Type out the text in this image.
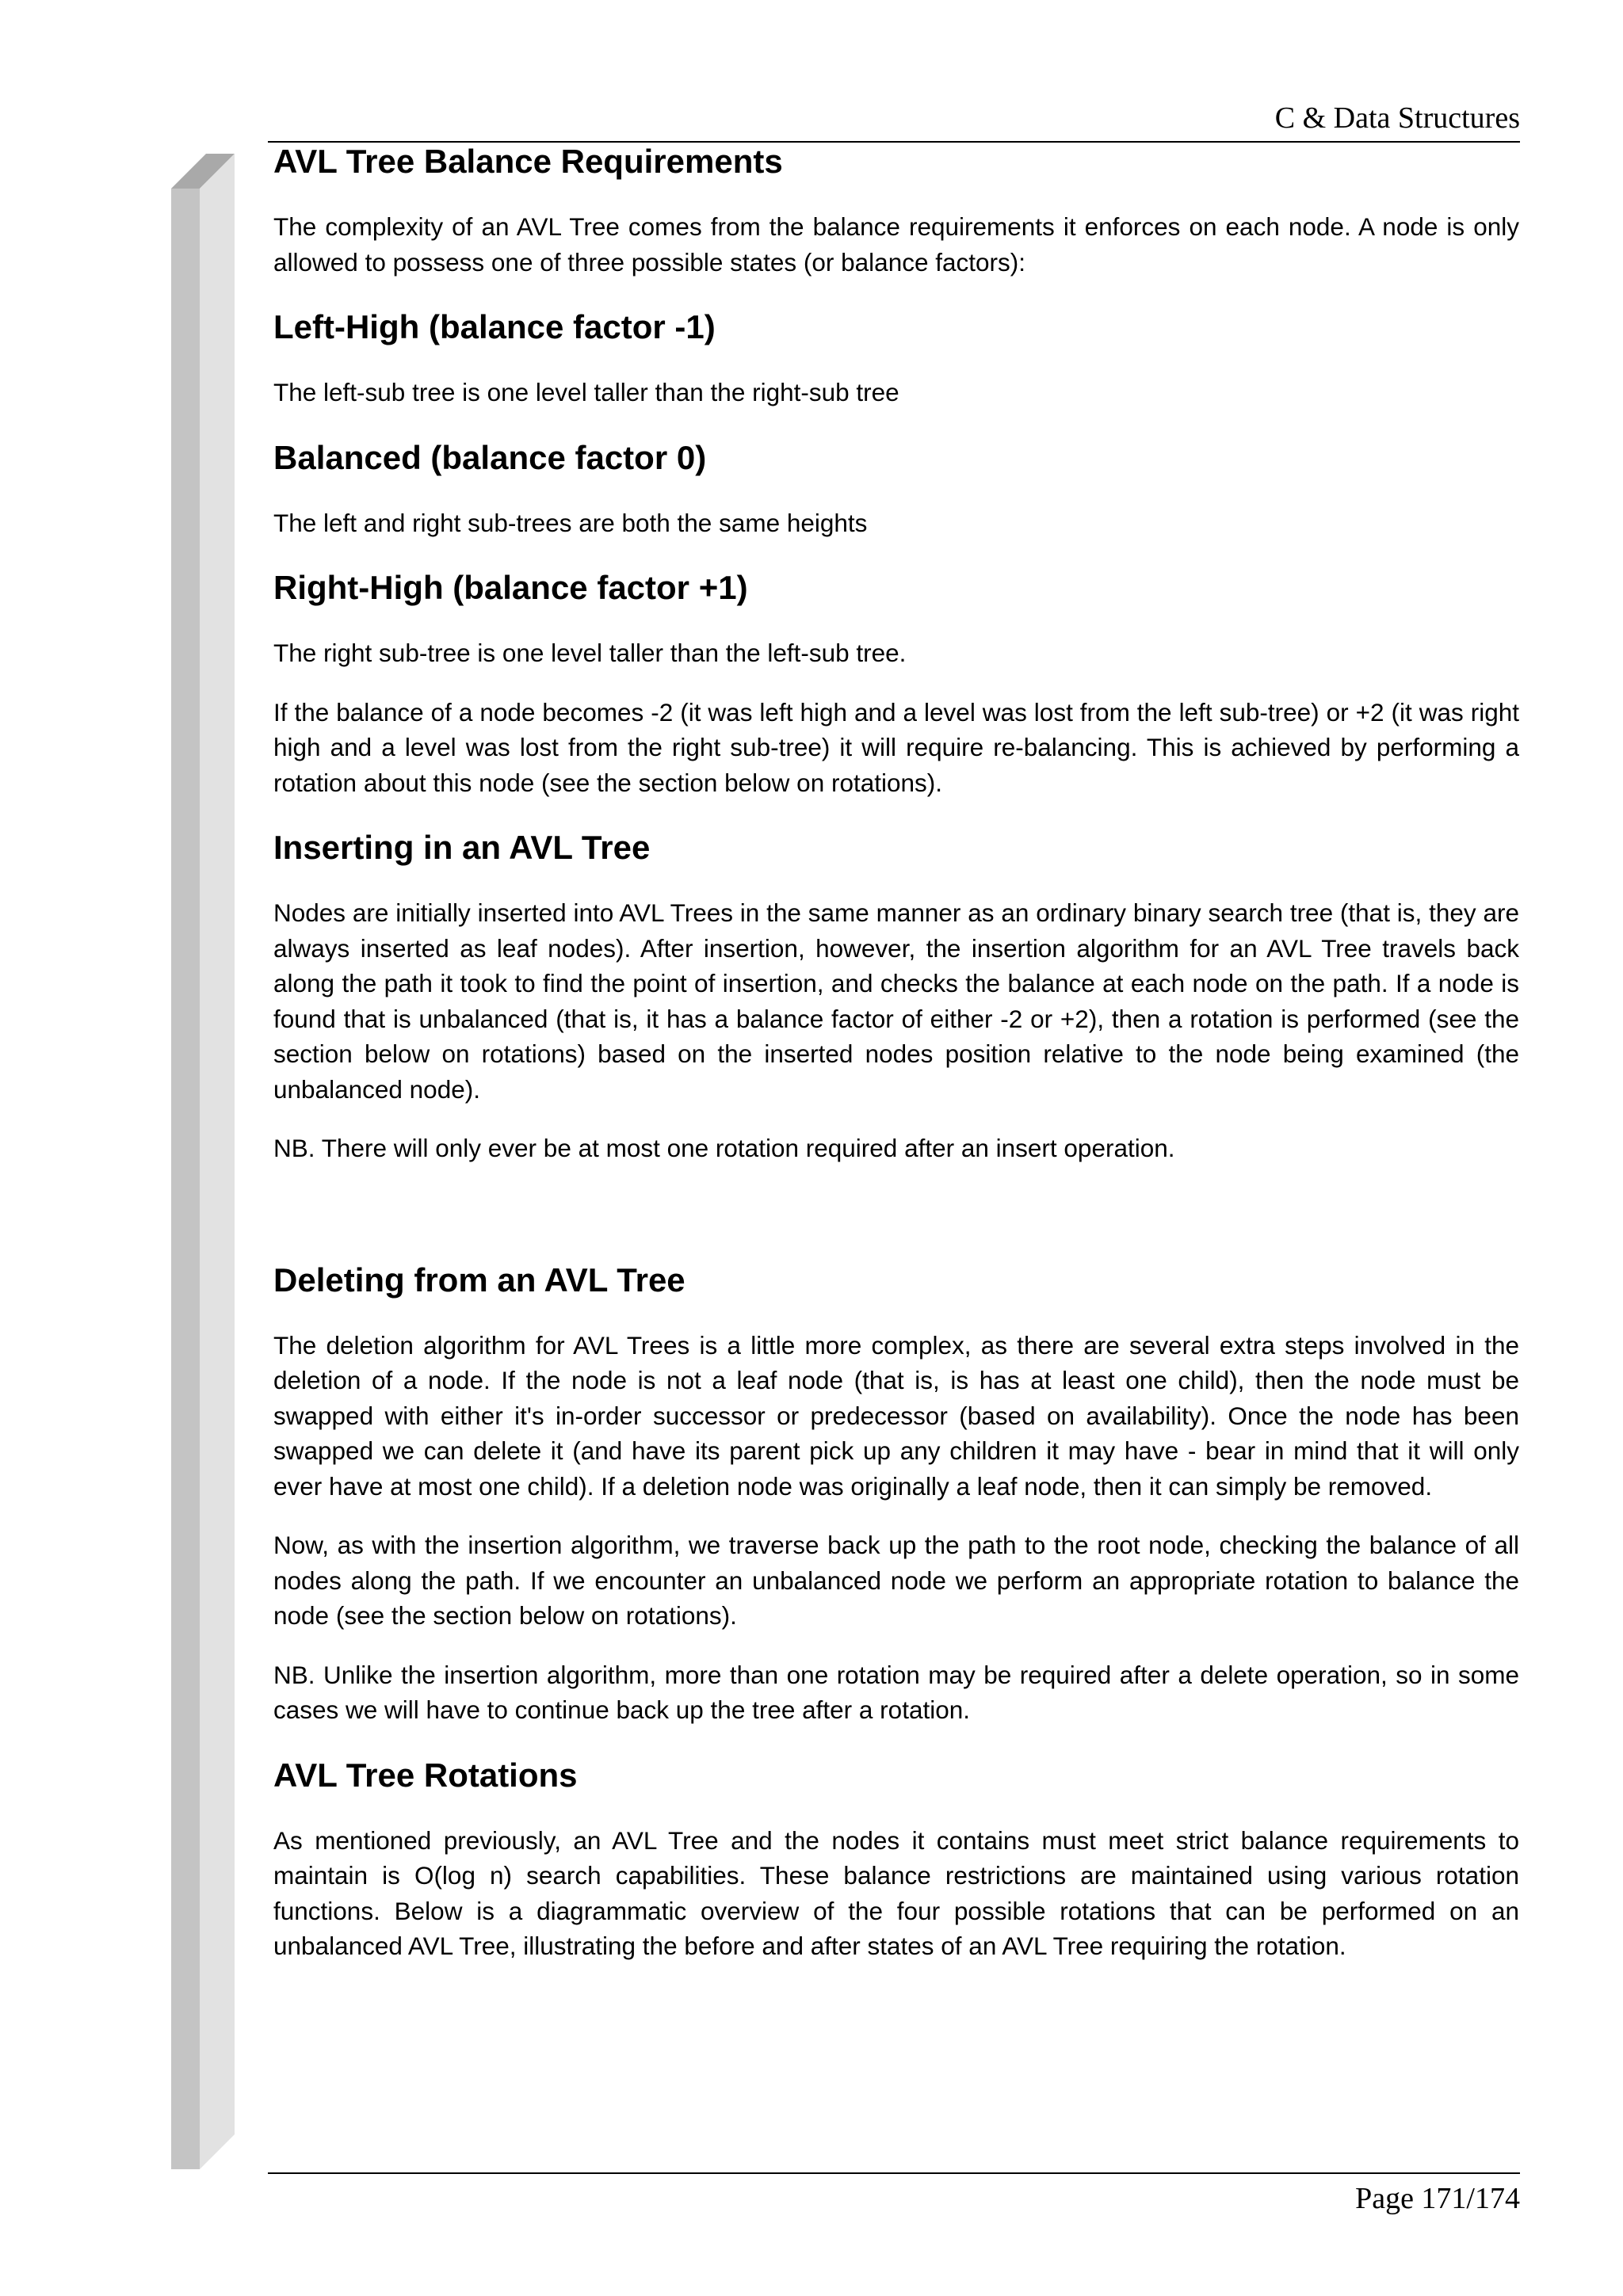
C & Data Structures
AVL Tree Balance Requirements

The complexity of an AVL Tree comes from the balance requirements it enforces on each node. A node is only allowed to possess one of three possible states (or balance factors):

Left-High (balance factor -1)

The left-sub tree is one level taller than the right-sub tree

Balanced (balance factor 0)

The left and right sub-trees are both the same heights

Right-High (balance factor +1)

The right sub-tree is one level taller than the left-sub tree.

If the balance of a node becomes -2 (it was left high and a level was lost from the left sub-tree) or +2 (it was right high and a level was lost from the right sub-tree) it will require re-balancing. This is achieved by performing a rotation about this node (see the section below on rotations).

Inserting in an AVL Tree

Nodes are initially inserted into AVL Trees in the same manner as an ordinary binary search tree (that is, they are always inserted as leaf nodes). After insertion, however, the insertion algorithm for an AVL Tree travels back along the path it took to find the point of insertion, and checks the balance at each node on the path. If a node is found that is unbalanced (that is, it has a balance factor of either -2 or +2), then a rotation is performed (see the section below on rotations) based on the inserted nodes position relative to the node being examined (the unbalanced node).

NB. There will only ever be at most one rotation required after an insert operation.

Deleting from an AVL Tree

The deletion algorithm for AVL Trees is a little more complex, as there are several extra steps involved in the deletion of a node. If the node is not a leaf node (that is, is has at least one child), then the node must be swapped with either it's in-order successor or predecessor (based on availability). Once the node has been swapped we can delete it (and have its parent pick up any children it may have - bear in mind that it will only ever have at most one child). If a deletion node was originally a leaf node, then it can simply be removed.

Now, as with the insertion algorithm, we traverse back up the path to the root node, checking the balance of all nodes along the path. If we encounter an unbalanced node we perform an appropriate rotation to balance the node (see the section below on rotations).

NB. Unlike the insertion algorithm, more than one rotation may be required after a delete operation, so in some cases we will have to continue back up the tree after a rotation.

AVL Tree Rotations

As mentioned previously, an AVL Tree and the nodes it contains must meet strict balance requirements to maintain is O(log n) search capabilities. These balance restrictions are maintained using various rotation functions. Below is a diagrammatic overview of the four possible rotations that can be performed on an unbalanced AVL Tree, illustrating the before and after states of an AVL Tree requiring the rotation.

Page 171/174
